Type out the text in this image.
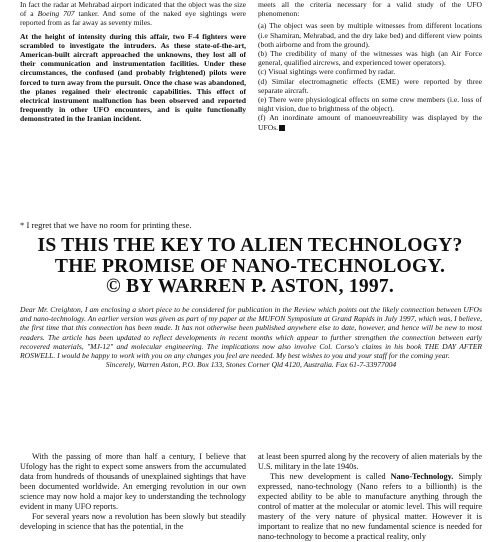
In fact the radar at Mehrabad airport indicated that the object was the size of a Boeing 707 tanker. And some of the naked eye sightings were reported from as far away as seventy miles.

At the height of intensity during this affair, two F-4 fighters were scrambled to investigate the intruders. As these state-of-the-art, American-built aircraft approached the unknowns, they lost all of their communication and instrumentation facilities. Under these circumstances, the confused (and probably frightened) pilots were forced to turn away from the pursuit. Once the chase was abandoned, the planes regained their electronic capabilities. This effect of electrical instrument malfunction has been observed and reported frequently in other UFO encounters, and is quite functionally demonstrated in the Iranian incident.

* I regret that we have no room for printing these.

meets all the criteria necessary for a valid study of the UFO phenomenon:

(a) The object was seen by multiple witnesses from different locations (i.e Shamiran, Mehrabad, and the dry lake bed) and different view points (both airborne and from the ground).

(b) The credibility of many of the witnesses was high (an Air Force general, qualified aircrews, and experienced tower operators).

(c) Visual sightings were confirmed by radar.

(d) Similar electromagnetic effects (EME) were reported by three separate aircraft.

(e) There were physiological effects on some crew members (i.e. loss of night vision, due to brightness of the object).

(f) An inordinate amount of manoeuvreability was displayed by the UFOs.

IS THIS THE KEY TO ALIEN TECHNOLOGY?
THE PROMISE OF NANO-TECHNOLOGY.
© BY WARREN P. ASTON, 1997.
Dear Mr. Creighton, I am enclosing a short piece to be considered for publication in the Review which points out the likely connection between UFOs and nano-technology. An earlier version was given as part of my paper at the MUFON Symposium at Grand Rapids in July 1997, which was, I believe, the first time that this connection has been made. It has not otherwise been published anywhere else to date, however, and hence will be new to most readers. The article has been updated to reflect developments in recent months which appear to further strengthen the connection between early recovered materials, "MJ-12" and molecular engineering. The implications now also involve Col. Corso's claims in his book THE DAY AFTER ROSWELL. I would be happy to work with you on any changes you feel are needed. My best wishes to you and your staff for the coming year.
Sincerely, Warren Aston, P.O. Box 133, Stones Corner Qld 4120, Australia. Fax 61-7-33977004

With the passing of more than half a century, I believe that Ufology has the right to expect some answers from the accumulated data from hundreds of thousands of unexplained sightings that have been documented worldwide. An emerging revolution in our own science may now hold a major key to understanding the technology evident in many UFO reports.

For several years now a revolution has been slowly but steadily developing in science that has the potential, in the

at least been spurred along by the recovery of alien materials by the U.S. military in the late 1940s.

This new development is called Nano-Technology. Simply expressed, nano-technology (Nano refers to a billionth) is the expected ability to be able to manufacture anything through the control of matter at the molecular or atomic level. This will require mastery of the very nature of physical matter. However it is important to realize that no new fundamental science is needed for nano-technology to become a practical reality, only
